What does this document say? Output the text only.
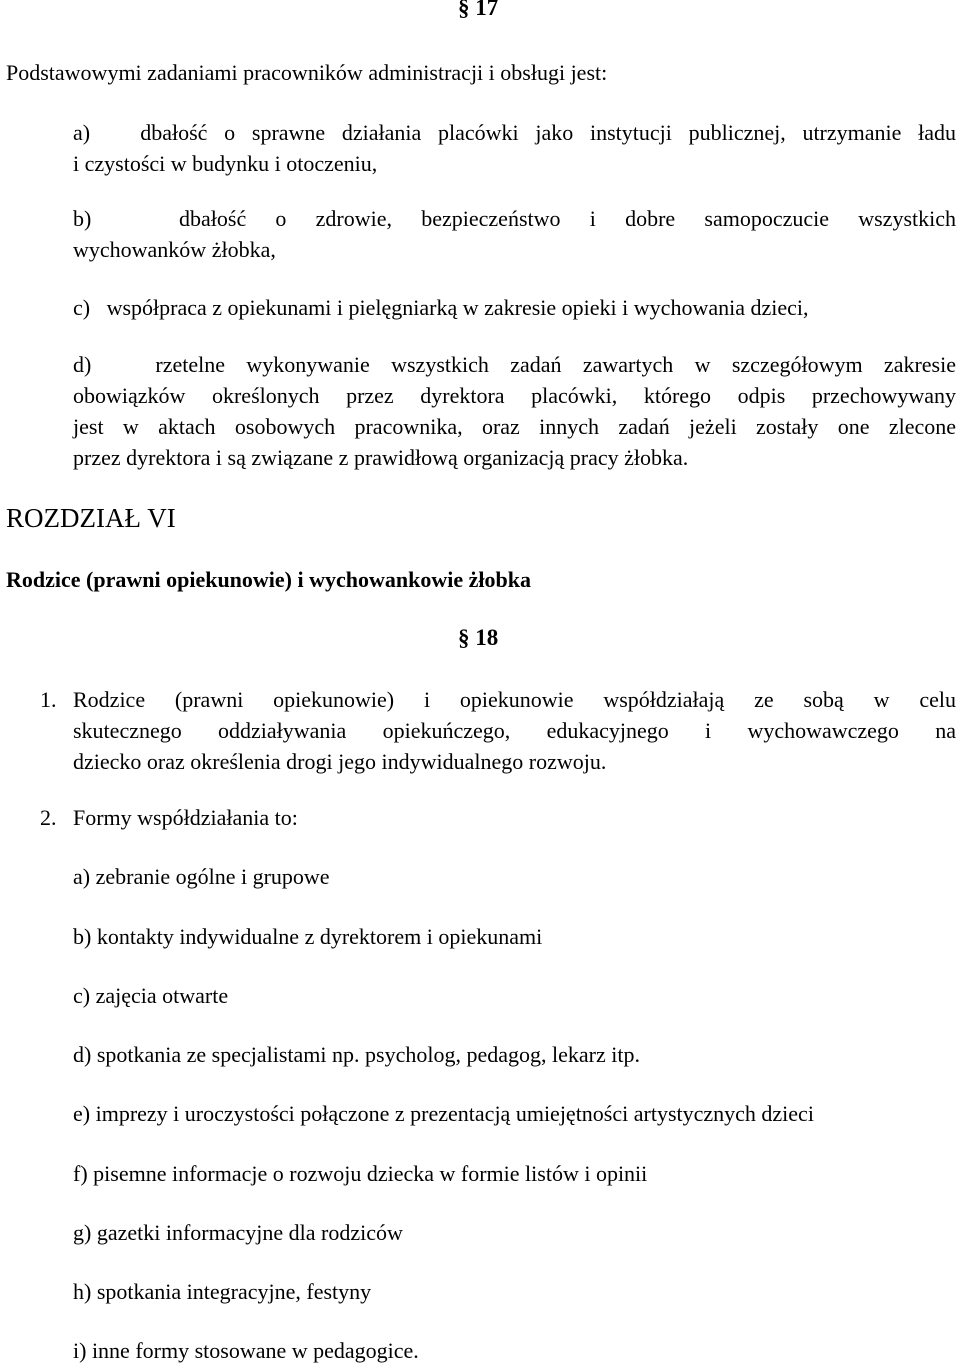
§ 17
Podstawowymi zadaniami pracowników administracji i obsługi jest:
a)   dbałość o sprawne działania placówki jako instytucji publicznej, utrzymanie ładu
i czystości w budynku i otoczeniu,
b)   dbałość o zdrowie, bezpieczeństwo i dobre samopoczucie wszystkich
wychowanków żłobka,
c)   współpraca z opiekunami i pielęgniarką w zakresie opieki i wychowania dzieci,
d)   rzetelne wykonywanie wszystkich zadań zawartych w szczegółowym zakresie
obowiązków określonych przez dyrektora placówki, którego odpis przechowywany
jest w aktach osobowych pracownika, oraz innych zadań jeżeli zostały one zlecone
przez dyrektora i są związane z prawidłową organizacją pracy żłobka.
ROZDZIAŁ VI
Rodzice (prawni opiekunowie) i wychowankowie żłobka
§ 18
1. Rodzice (prawni opiekunowie) i opiekunowie współdziałają ze sobą w celu
skutecznego oddziaływania opiekuńczego, edukacyjnego i wychowawczego na
dziecko oraz określenia drogi jego indywidualnego rozwoju.
2. Formy współdziałania to:
a) zebranie ogólne i grupowe
b) kontakty indywidualne z dyrektorem i opiekunami
c) zajęcia otwarte
d) spotkania ze specjalistami np. psycholog, pedagog, lekarz itp.
e) imprezy i uroczystości połączone z prezentacją umiejętności artystycznych dzieci
f) pisemne informacje o rozwoju dziecka w formie listów i opinii
g) gazetki informacyjne dla rodziców
h) spotkania integracyjne, festyny
i) inne formy stosowane w pedagogice.
